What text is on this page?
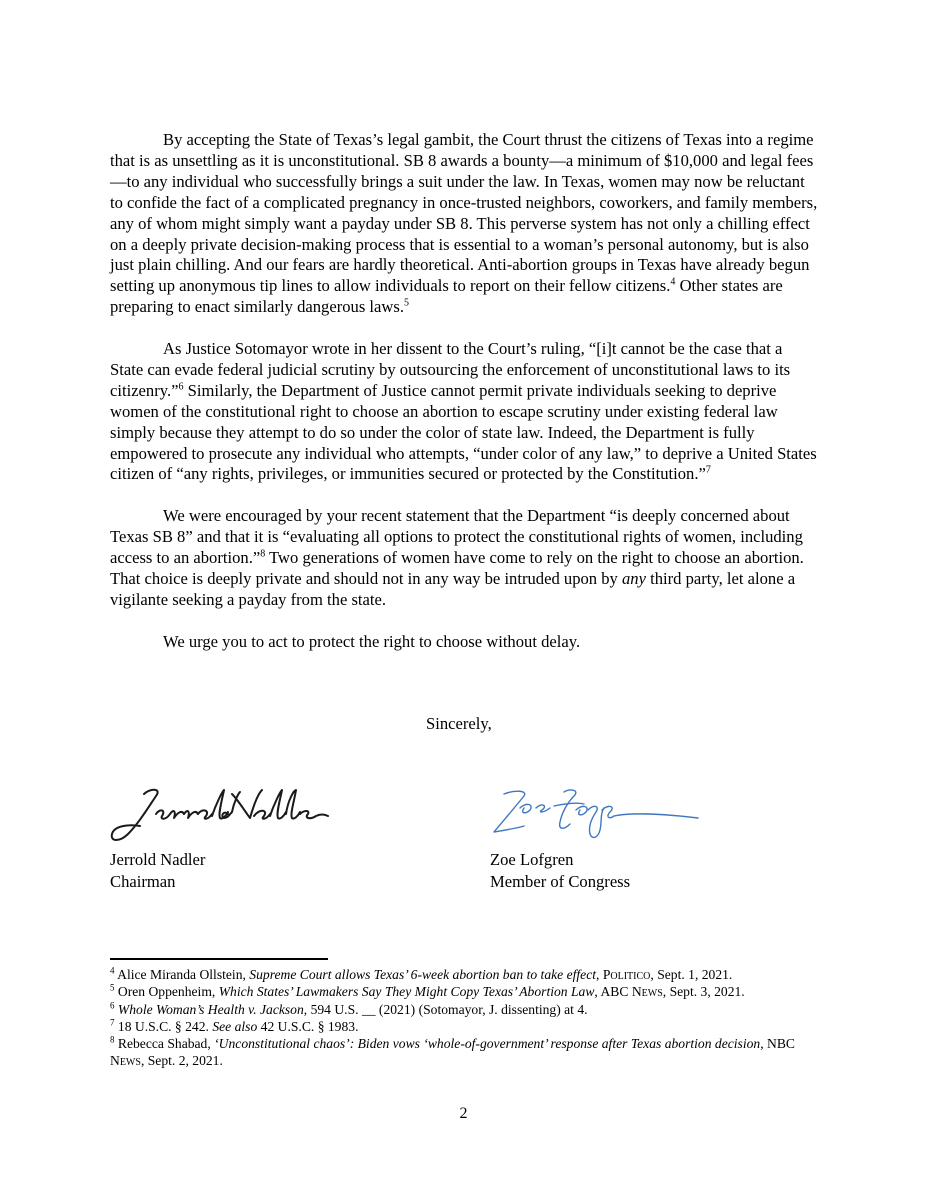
By accepting the State of Texas’s legal gambit, the Court thrust the citizens of Texas into a regime that is as unsettling as it is unconstitutional. SB 8 awards a bounty—a minimum of $10,000 and legal fees—to any individual who successfully brings a suit under the law. In Texas, women may now be reluctant to confide the fact of a complicated pregnancy in once-trusted neighbors, coworkers, and family members, any of whom might simply want a payday under SB 8. This perverse system has not only a chilling effect on a deeply private decision-making process that is essential to a woman’s personal autonomy, but is also just plain chilling. And our fears are hardly theoretical. Anti-abortion groups in Texas have already begun setting up anonymous tip lines to allow individuals to report on their fellow citizens.$^4$ Other states are preparing to enact similarly dangerous laws.$^5$

As Justice Sotomayor wrote in her dissent to the Court’s ruling, “[i]t cannot be the case that a State can evade federal judicial scrutiny by outsourcing the enforcement of unconstitutional laws to its citizenry.”$^6$ Similarly, the Department of Justice cannot permit private individuals seeking to deprive women of the constitutional right to choose an abortion to escape scrutiny under existing federal law simply because they attempt to do so under the color of state law. Indeed, the Department is fully empowered to prosecute any individual who attempts, “under color of any law,” to deprive a United States citizen of “any rights, privileges, or immunities secured or protected by the Constitution.”$^7$

We were encouraged by your recent statement that the Department “is deeply concerned about Texas SB 8” and that it is “evaluating all options to protect the constitutional rights of women, including access to an abortion.”$^8$ Two generations of women have come to rely on the right to choose an abortion. That choice is deeply private and should not in any way be intruded upon by any third party, let alone a vigilante seeking a payday from the state.

We urge you to act to protect the right to choose without delay.

Sincerely,
Jerrold Nadler
Chairman
Zoe Lofgren
Member of Congress

$^4$ Alice Miranda Ollstein, Supreme Court allows Texas’ 6-week abortion ban to take effect, Politico, Sept. 1, 2021.

$^5$ Oren Oppenheim, Which States’ Lawmakers Say They Might Copy Texas’ Abortion Law, ABC News, Sept. 3, 2021.

$^6$ Whole Woman’s Health v. Jackson, 594 U.S. __ (2021) (Sotomayor, J. dissenting) at 4.

$^7$ 18 U.S.C. § 242. See also 42 U.S.C. § 1983.

$^8$ Rebecca Shabad, ‘Unconstitutional chaos’: Biden vows ‘whole-of-government’ response after Texas abortion decision, NBC News, Sept. 2, 2021.

2
